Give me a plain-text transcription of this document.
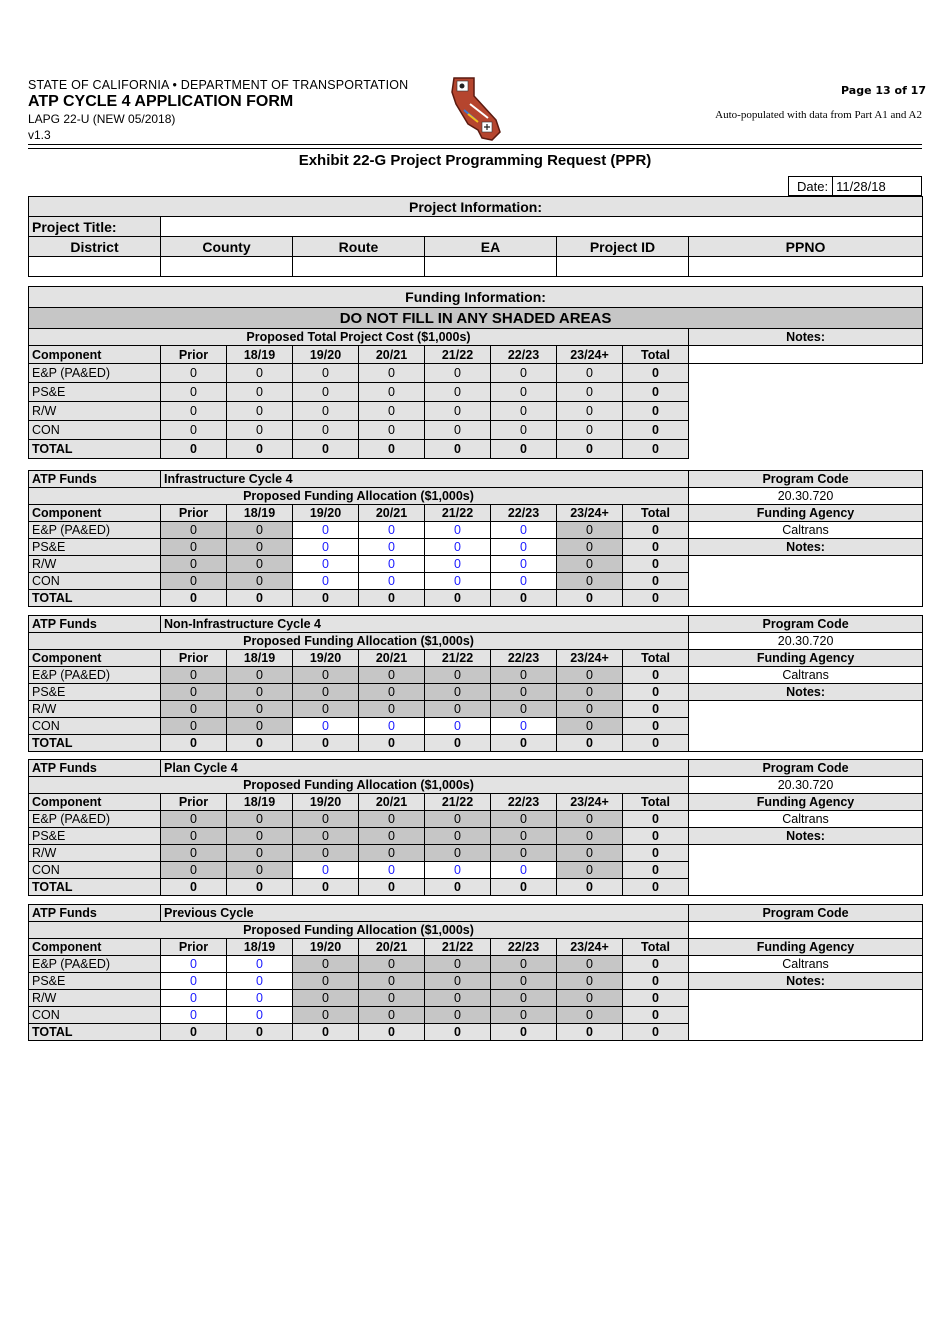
STATE OF CALIFORNIA • DEPARTMENT OF TRANSPORTATION
ATP CYCLE 4 APPLICATION FORM
LAPG 22-U (NEW 05/2018)
v1.3
Page 13 of 17
Auto-populated with data from Part A1 and A2
Exhibit 22-G Project Programming Request (PPR)
Date: 11/28/18
Project Information:					
Project Title:					
District	County	Route	EA	Project ID	PPNO

Funding Information:									
DO NOT FILL IN ANY SHADED AREAS									
Proposed Total Project Cost ($1,000s)									Notes:
Component	Prior	18/19	19/20	20/21	21/22	22/23	23/24+	Total	
E&P (PA&ED)	0	0	0	0	0	0	0	0	
PS&E	0	0	0	0	0	0	0	0	
R/W	0	0	0	0	0	0	0	0	
CON	0	0	0	0	0	0	0	0	
TOTAL	0	0	0	0	0	0	0	0	
ATP Funds	Infrastructure Cycle 4								Program Code
Proposed Funding Allocation ($1,000s)									20.30.720
Component	Prior	18/19	19/20	20/21	21/22	22/23	23/24+	Total	Funding Agency
E&P (PA&ED)	0	0	0	0	0	0	0	0	Caltrans
PS&E	0	0	0	0	0	0	0	0	Notes:
R/W	0	0	0	0	0	0	0	0	
CON	0	0	0	0	0	0	0	0	
TOTAL	0	0	0	0	0	0	0	0	
ATP Funds	Non-Infrastructure Cycle 4								Program Code
Proposed Funding Allocation ($1,000s)									20.30.720
Component	Prior	18/19	19/20	20/21	21/22	22/23	23/24+	Total	Funding Agency
E&P (PA&ED)	0	0	0	0	0	0	0	0	Caltrans
PS&E	0	0	0	0	0	0	0	0	Notes:
R/W	0	0	0	0	0	0	0	0	
CON	0	0	0	0	0	0	0	0	
TOTAL	0	0	0	0	0	0	0	0	
ATP Funds	Plan Cycle 4								Program Code
Proposed Funding Allocation ($1,000s)									20.30.720
Component	Prior	18/19	19/20	20/21	21/22	22/23	23/24+	Total	Funding Agency
E&P (PA&ED)	0	0	0	0	0	0	0	0	Caltrans
PS&E	0	0	0	0	0	0	0	0	Notes:
R/W	0	0	0	0	0	0	0	0	
CON	0	0	0	0	0	0	0	0	
TOTAL	0	0	0	0	0	0	0	0	
ATP Funds	Previous Cycle								Program Code
Proposed Funding Allocation ($1,000s)									
Component	Prior	18/19	19/20	20/21	21/22	22/23	23/24+	Total	Funding Agency
E&P (PA&ED)	0	0	0	0	0	0	0	0	Caltrans
PS&E	0	0	0	0	0	0	0	0	Notes:
R/W	0	0	0	0	0	0	0	0	
CON	0	0	0	0	0	0	0	0	
TOTAL	0	0	0	0	0	0	0	0	
